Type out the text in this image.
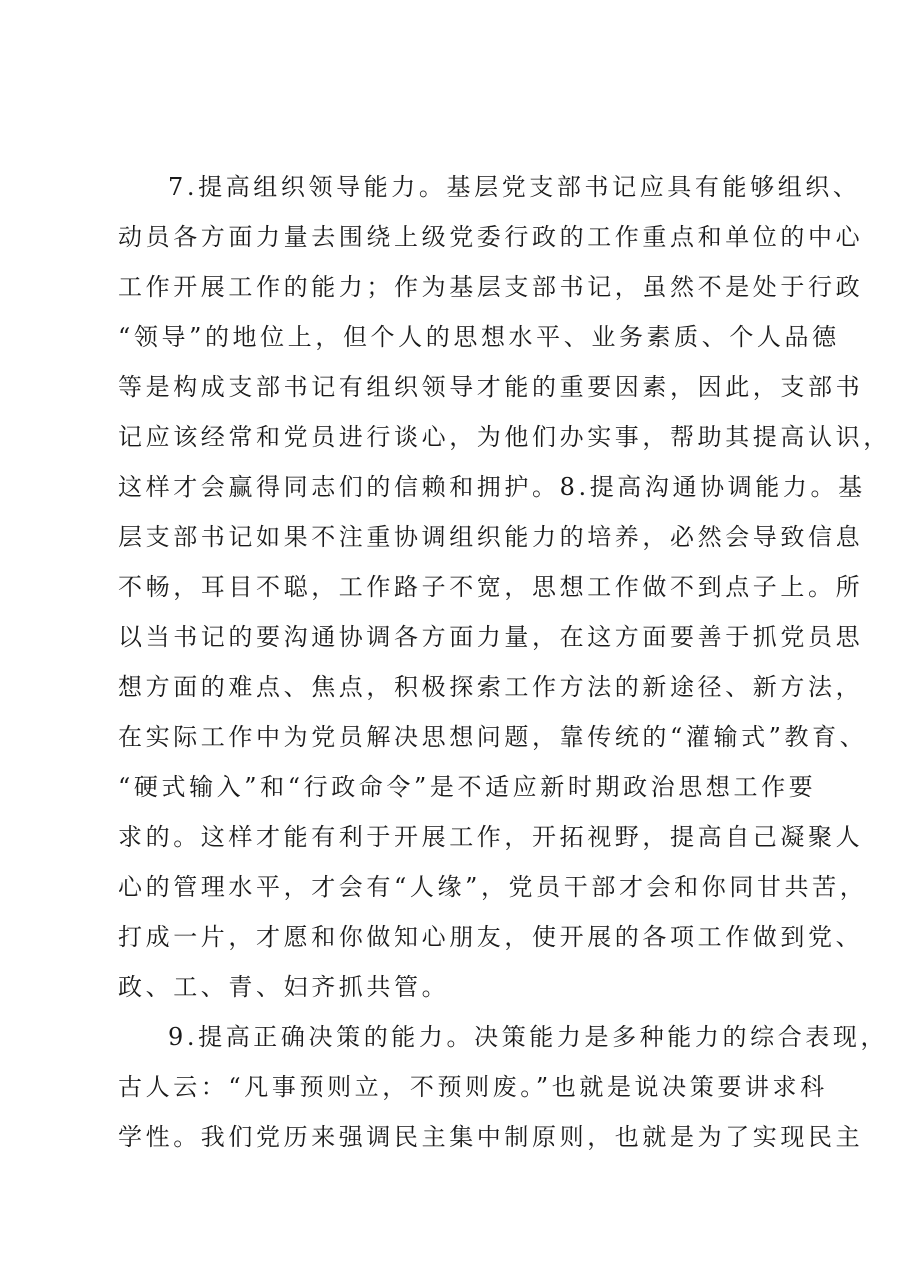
7.提高组织领导能力。基层党支部书记应具有能够组织、
动员各方面力量去围绕上级党委行政的工作重点和单位的中心
工作开展工作的能力；作为基层支部书记，虽然不是处于行政
“领导”的地位上，但个人的思想水平、业务素质、个人品德
等是构成支部书记有组织领导才能的重要因素，因此，支部书
记应该经常和党员进行谈心，为他们办实事，帮助其提高认识，
这样才会赢得同志们的信赖和拥护。8.提高沟通协调能力。基
层支部书记如果不注重协调组织能力的培养，必然会导致信息
不畅，耳目不聪，工作路子不宽，思想工作做不到点子上。所
以当书记的要沟通协调各方面力量，在这方面要善于抓党员思
想方面的难点、焦点，积极探索工作方法的新途径、新方法，
在实际工作中为党员解决思想问题，靠传统的“灌输式”教育、
“硬式输入”和“行政命令”是不适应新时期政治思想工作要
求的。这样才能有利于开展工作，开拓视野，提高自己凝聚人
心的管理水平，才会有“人缘”，党员干部才会和你同甘共苦，
打成一片，才愿和你做知心朋友，使开展的各项工作做到党、
政、工、青、妇齐抓共管。
9.提高正确决策的能力。决策能力是多种能力的综合表现，
古人云：“凡事预则立，不预则废。”也就是说决策要讲求科
学性。我们党历来强调民主集中制原则，也就是为了实现民主
